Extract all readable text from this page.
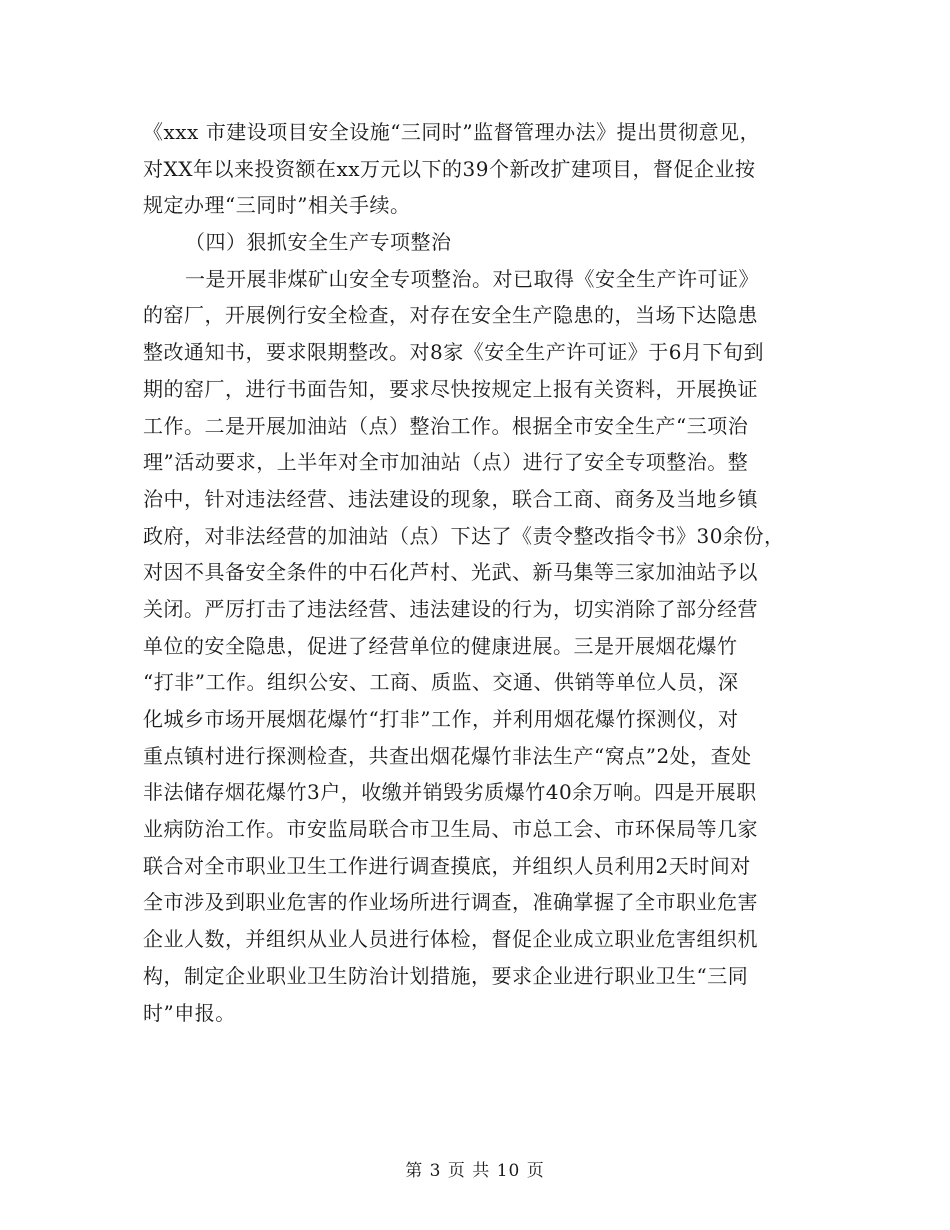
《xxx 市建设项目安全设施“三同时”监督管理办法》提出贯彻意见，
对XX年以来投资额在xx万元以下的39个新改扩建项目，督促企业按
规定办理“三同时”相关手续。
（四）狠抓安全生产专项整治
一是开展非煤矿山安全专项整治。对已取得《安全生产许可证》
的窑厂，开展例行安全检查，对存在安全生产隐患的，当场下达隐患
整改通知书，要求限期整改。对8家《安全生产许可证》于6月下旬到
期的窑厂，进行书面告知，要求尽快按规定上报有关资料，开展换证
工作。二是开展加油站（点）整治工作。根据全市安全生产“三项治
理”活动要求，上半年对全市加油站（点）进行了安全专项整治。整
治中，针对违法经营、违法建设的现象，联合工商、商务及当地乡镇
政府，对非法经营的加油站（点）下达了《责令整改指令书》30余份，
对因不具备安全条件的中石化芦村、光武、新马集等三家加油站予以
关闭。严厉打击了违法经营、违法建设的行为，切实消除了部分经营
单位的安全隐患，促进了经营单位的健康进展。三是开展烟花爆竹
“打非”工作。组织公安、工商、质监、交通、供销等单位人员，深
化城乡市场开展烟花爆竹“打非”工作，并利用烟花爆竹探测仪，对
重点镇村进行探测检查，共查出烟花爆竹非法生产“窝点”2处，查处
非法储存烟花爆竹3户，收缴并销毁劣质爆竹40余万响。四是开展职
业病防治工作。市安监局联合市卫生局、市总工会、市环保局等几家
联合对全市职业卫生工作进行调查摸底，并组织人员利用2天时间对
全市涉及到职业危害的作业场所进行调查，准确掌握了全市职业危害
企业人数，并组织从业人员进行体检，督促企业成立职业危害组织机
构，制定企业职业卫生防治计划措施，要求企业进行职业卫生“三同
时”申报。
第 3 页 共 10 页
